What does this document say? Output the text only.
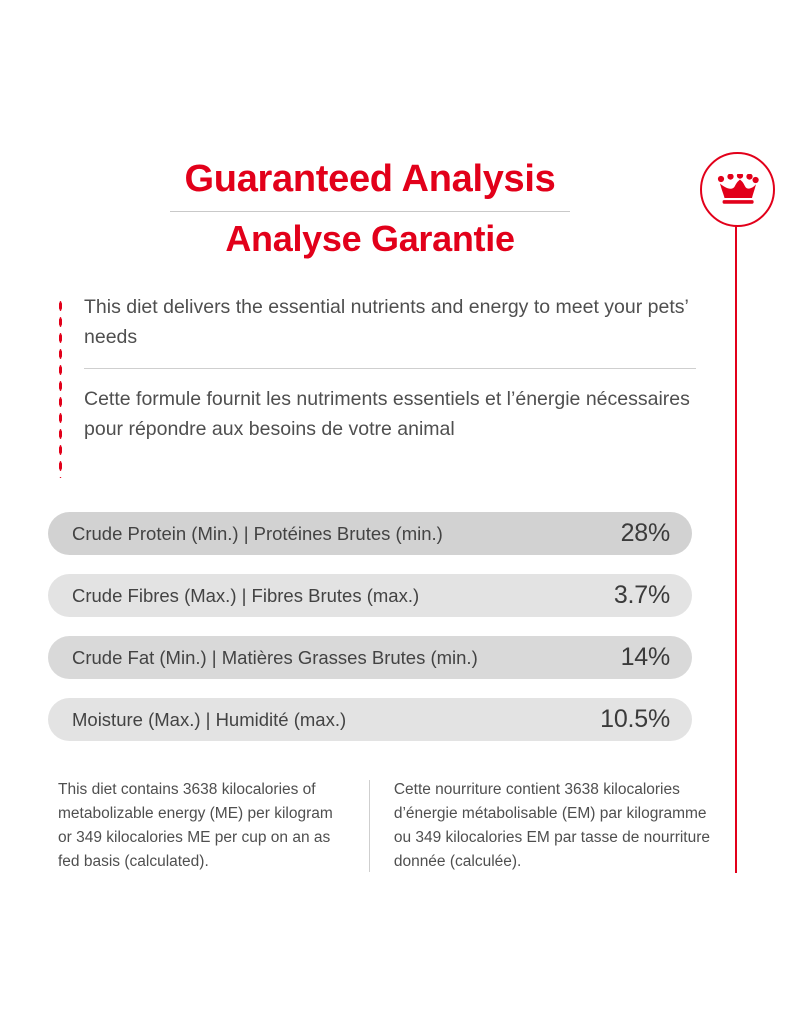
Guaranteed Analysis
Analyse Garantie
This diet delivers the essential nutrients and energy to meet your pets’ needs
Cette formule fournit les nutriments essentiels et l’énergie nécessaires pour répondre aux besoins de votre animal
Crude Protein (Min.) | Protéines Brutes (min.)	28%
Crude Fibres (Max.) | Fibres Brutes (max.)	3.7%
Crude Fat (Min.) | Matières Grasses Brutes (min.)	14%
Moisture (Max.) | Humidité (max.)	10.5%
This diet contains 3638 kilocalories of metabolizable energy (ME) per kilogram or 349 kilocalories ME per cup on an as fed basis (calculated).
Cette nourriture contient 3638 kilocalories d’énergie métabolisable (EM) par kilogramme ou 349 kilocalories EM par tasse de nourriture donnée (calculée).
